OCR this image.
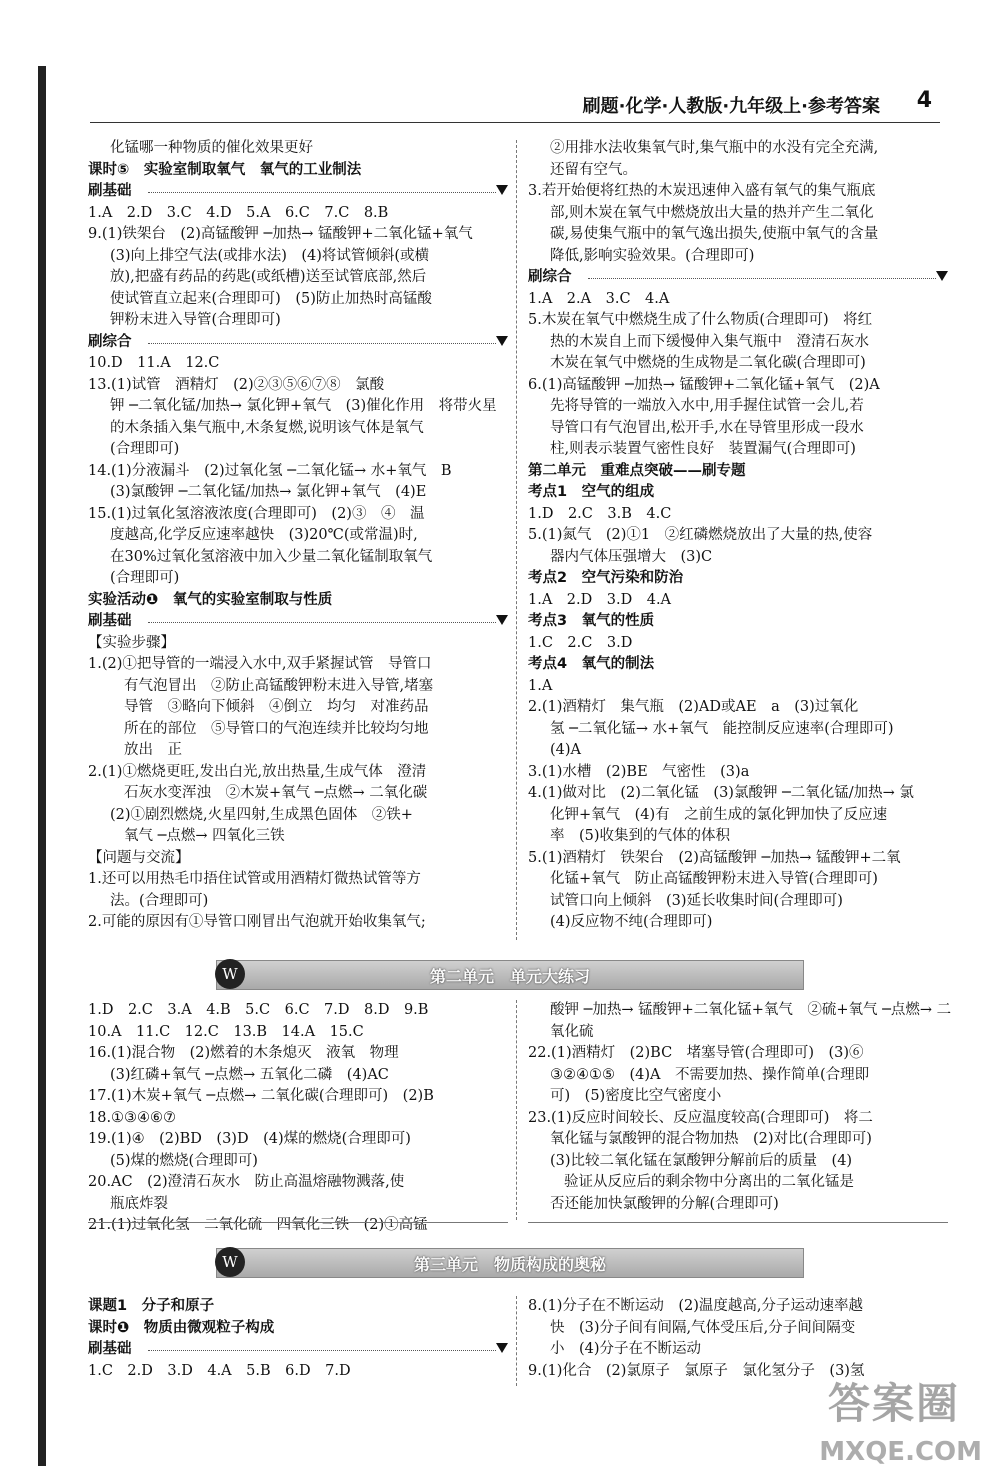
刷题·化学·人教版·九年级上·参考答案 4
化锰哪一种物质的催化效果更好
课时⑤　实验室制取氧气　氧气的工业制法
刷基础
1.A　2.D　3.C　4.D　5.A　6.C　7.C　8.B
9.(1)铁架台　(2)高锰酸钾 ─加热→ 锰酸钾+二氧化锰+氧气
(3)向上排空气法(或排水法)　(4)将试管倾斜(或横
放),把盛有药品的药匙(或纸槽)送至试管底部,然后
使试管直立起来(合理即可)　(5)防止加热时高锰酸
钾粉末进入导管(合理即可)
刷综合
10.D　11.A　12.C
13.(1)试管　酒精灯　(2)②③⑤⑥⑦⑧　氯酸
钾 ─二氧化锰/加热→ 氯化钾+氧气　(3)催化作用　将带火星
的木条插入集气瓶中,木条复燃,说明该气体是氧气
(合理即可)
14.(1)分液漏斗　(2)过氧化氢 ─二氧化锰→ 水+氧气　B
(3)氯酸钾 ─二氧化锰/加热→ 氯化钾+氧气　(4)E
15.(1)过氧化氢溶液浓度(合理即可)　(2)③　④　温
度越高,化学反应速率越快　(3)20℃(或常温)时,
在30%过氧化氢溶液中加入少量二氧化锰制取氧气
(合理即可)
实验活动❶　氧气的实验室制取与性质
刷基础
【实验步骤】
1.(2)①把导管的一端浸入水中,双手紧握试管　导管口
有气泡冒出　②防止高锰酸钾粉末进入导管,堵塞
导管　③略向下倾斜　④倒立　均匀　对准药品
所在的部位　⑤导管口的气泡连续并比较均匀地
放出　正
2.(1)①燃烧更旺,发出白光,放出热量,生成气体　澄清
石灰水变浑浊　②木炭+氧气 ─点燃→ 二氧化碳
(2)①剧烈燃烧,火星四射,生成黑色固体　②铁+
氧气 ─点燃→ 四氧化三铁
【问题与交流】
1.还可以用热毛巾捂住试管或用酒精灯微热试管等方
法。(合理即可)
2.可能的原因有①导管口刚冒出气泡就开始收集氧气;
②用排水法收集氧气时,集气瓶中的水没有完全充满,
还留有空气。
3.若开始便将红热的木炭迅速伸入盛有氧气的集气瓶底
部,则木炭在氧气中燃烧放出大量的热并产生二氧化
碳,易使集气瓶中的氧气逸出损失,使瓶中氧气的含量
降低,影响实验效果。(合理即可)
刷综合
1.A　2.A　3.C　4.A
5.木炭在氧气中燃烧生成了什么物质(合理即可)　将红
热的木炭自上而下缓慢伸入集气瓶中　澄清石灰水
木炭在氧气中燃烧的生成物是二氧化碳(合理即可)
6.(1)高锰酸钾 ─加热→ 锰酸钾+二氧化锰+氧气　(2)A
先将导管的一端放入水中,用手握住试管一会儿,若
导管口有气泡冒出,松开手,水在导管里形成一段水
柱,则表示装置气密性良好　装置漏气(合理即可)
第二单元　重难点突破——刷专题
考点1　空气的组成
1.D　2.C　3.B　4.C
5.(1)氮气　(2)①1　②红磷燃烧放出了大量的热,使容
器内气体压强增大　(3)C
考点2　空气污染和防治
1.A　2.D　3.D　4.A
考点3　氧气的性质
1.C　2.C　3.D
考点4　氧气的制法
1.A
2.(1)酒精灯　集气瓶　(2)AD或AE　a　(3)过氧化
氢 ─二氧化锰→ 水+氧气　能控制反应速率(合理即可)
(4)A
3.(1)水槽　(2)BE　气密性　(3)a
4.(1)做对比　(2)二氧化锰　(3)氯酸钾 ─二氧化锰/加热→ 氯
化钾+氧气　(4)有　之前生成的氯化钾加快了反应速
率　(5)收集到的气体的体积
5.(1)酒精灯　铁架台　(2)高锰酸钾 ─加热→ 锰酸钾+二氧
化锰+氧气　防止高锰酸钾粉末进入导管(合理即可)
试管口向上倾斜　(3)延长收集时间(合理即可)
(4)反应物不纯(合理即可)
W	第二单元　单元大练习
1.D　2.C　3.A　4.B　5.C　6.C　7.D　8.D　9.B
10.A　11.C　12.C　13.B　14.A　15.C
16.(1)混合物　(2)燃着的木条熄灭　液氧　物理
(3)红磷+氧气 ─点燃→ 五氧化二磷　(4)AC
17.(1)木炭+氧气 ─点燃→ 二氧化碳(合理即可)　(2)B
18.①③④⑥⑦
19.(1)④　(2)BD　(3)D　(4)煤的燃烧(合理即可)
(5)煤的燃烧(合理即可)
20.AC　(2)澄清石灰水　防止高温熔融物溅落,使
瓶底炸裂
21.(1)过氧化氢　二氧化硫　四氧化三铁　(2)①高锰
酸钾 ─加热→ 锰酸钾+二氧化锰+氧气　②硫+氧气 ─点燃→ 二
氧化硫
22.(1)酒精灯　(2)BC　堵塞导管(合理即可)　(3)⑥
③②④①⑤　(4)A　不需要加热、操作简单(合理即
可)　(5)密度比空气密度小
23.(1)反应时间较长、反应温度较高(合理即可)　将二
氧化锰与氯酸钾的混合物加热　(2)对比(合理即可)
(3)比较二氧化锰在氯酸钾分解前后的质量　(4)
验证从反应后的剩余物中分离出的二氧化锰是
否还能加快氯酸钾的分解(合理即可)
W	第三单元　物质构成的奥秘
课题1　分子和原子
课时❶　物质由微观粒子构成
刷基础
1.C　2.D　3.D　4.A　5.B　6.D　7.D
8.(1)分子在不断运动　(2)温度越高,分子运动速率越
快　(3)分子间有间隔,气体受压后,分子间间隔变
小　(4)分子在不断运动
9.(1)化合　(2)氯原子　氯原子　氯化氢分子　(3)氢
答案圈
MXQE.COM
